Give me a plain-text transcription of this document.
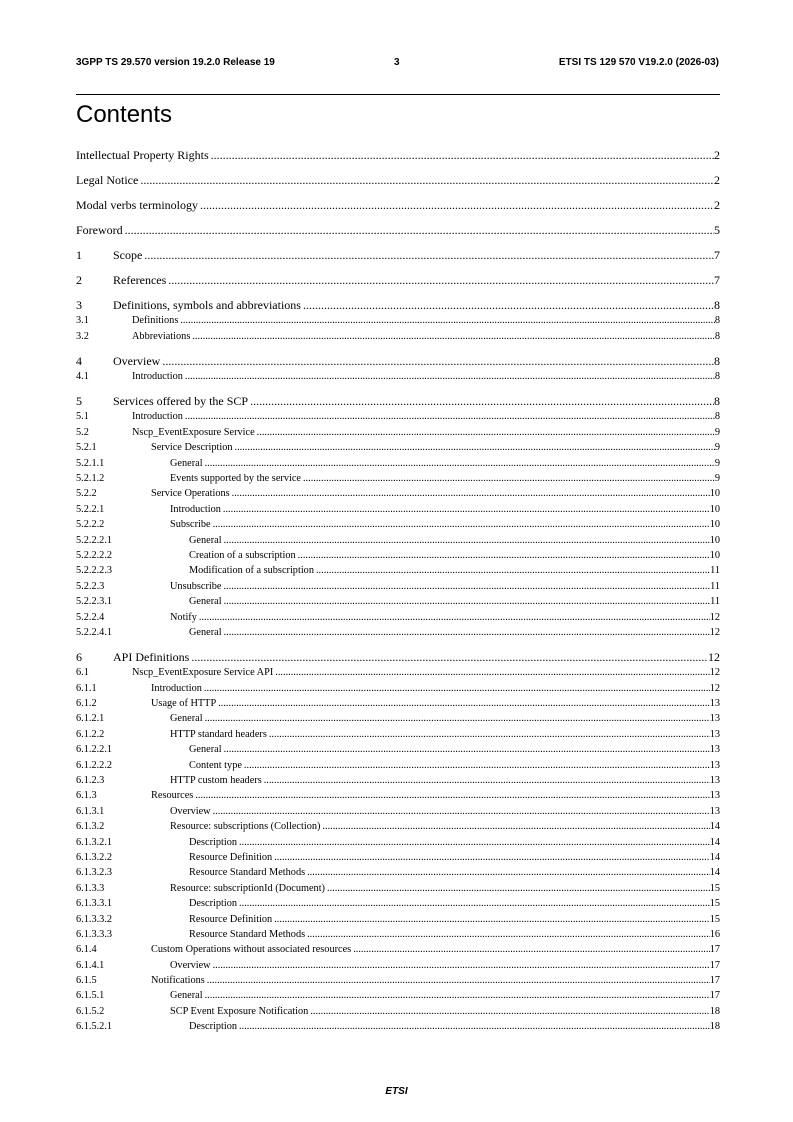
3GPP TS 29.570 version 19.2.0 Release 19	3	ETSI TS 129 570 V19.2.0 (2026-03)
Contents
Intellectual Property Rights .....	2
Legal Notice .....	2
Modal verbs terminology .....	2
Foreword .....	5
1	Scope .....	7
2	References .....	7
3	Definitions, symbols and abbreviations .....	8
3.1	Definitions .....	8
3.2	Abbreviations .....	8
4	Overview .....	8
4.1	Introduction .....	8
5	Services offered by the SCP .....	8
5.1	Introduction .....	8
5.2	Nscp_EventExposure Service .....	9
5.2.1	Service Description .....	9
5.2.1.1	General .....	9
5.2.1.2	Events supported by the service .....	9
5.2.2	Service Operations .....	10
5.2.2.1	Introduction .....	10
5.2.2.2	Subscribe .....	10
5.2.2.2.1	General .....	10
5.2.2.2.2	Creation of a subscription .....	10
5.2.2.2.3	Modification of a subscription .....	11
5.2.2.3	Unsubscribe .....	11
5.2.2.3.1	General .....	11
5.2.2.4	Notify .....	12
5.2.2.4.1	General .....	12
6	API Definitions .....	12
6.1	Nscp_EventExposure Service API .....	12
6.1.1	Introduction .....	12
6.1.2	Usage of HTTP .....	13
6.1.2.1	General .....	13
6.1.2.2	HTTP standard headers .....	13
6.1.2.2.1	General .....	13
6.1.2.2.2	Content type .....	13
6.1.2.3	HTTP custom headers .....	13
6.1.3	Resources .....	13
6.1.3.1	Overview .....	13
6.1.3.2	Resource: subscriptions (Collection) .....	14
6.1.3.2.1	Description .....	14
6.1.3.2.2	Resource Definition .....	14
6.1.3.2.3	Resource Standard Methods .....	14
6.1.3.3	Resource: subscriptionId (Document) .....	15
6.1.3.3.1	Description .....	15
6.1.3.3.2	Resource Definition .....	15
6.1.3.3.3	Resource Standard Methods .....	16
6.1.4	Custom Operations without associated resources .....	17
6.1.4.1	Overview .....	17
6.1.5	Notifications .....	17
6.1.5.1	General .....	17
6.1.5.2	SCP Event Exposure Notification .....	18
6.1.5.2.1	Description .....	18
ETSI
